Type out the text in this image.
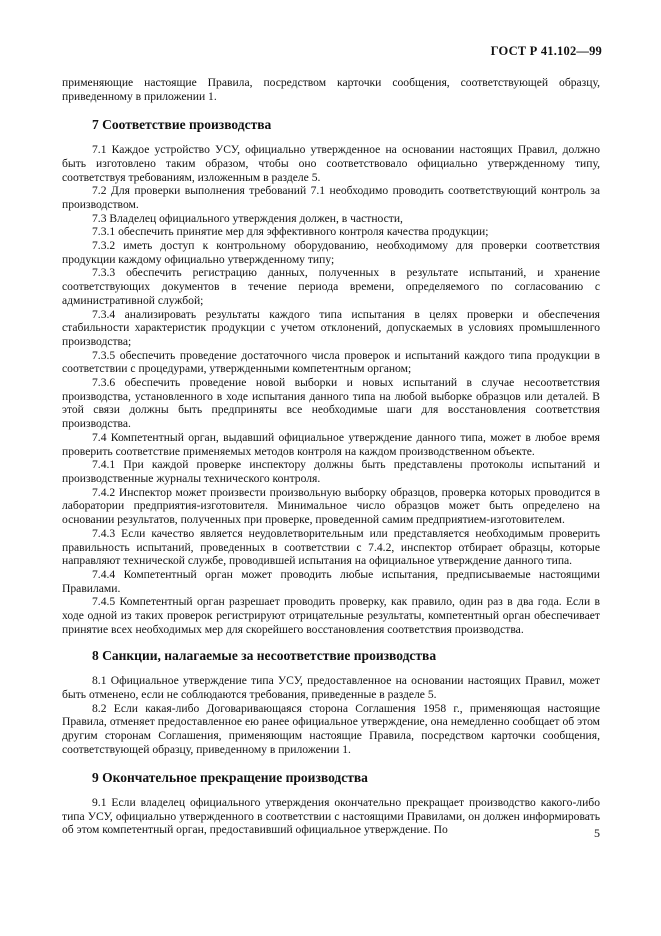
ГОСТ Р 41.102—99

применяющие настоящие Правила, посредством карточки сообщения, соответствующей образцу, приведенному в приложении 1.

7 Соответствие производства

7.1 Каждое устройство УСУ, официально утвержденное на основании настоящих Правил, должно быть изготовлено таким образом, чтобы оно соответствовало официально утвержденному типу, соответствуя требованиям, изложенным в разделе 5.

7.2 Для проверки выполнения требований 7.1 необходимо проводить соответствующий контроль за производством.

7.3 Владелец официального утверждения должен, в частности,

7.3.1 обеспечить принятие мер для эффективного контроля качества продукции;

7.3.2 иметь доступ к контрольному оборудованию, необходимому для проверки соответствия продукции каждому официально утвержденному типу;

7.3.3 обеспечить регистрацию данных, полученных в результате испытаний, и хранение соответствующих документов в течение периода времени, определяемого по согласованию с административной службой;

7.3.4 анализировать результаты каждого типа испытания в целях проверки и обеспечения стабильности характеристик продукции с учетом отклонений, допускаемых в условиях промышленного производства;

7.3.5 обеспечить проведение достаточного числа проверок и испытаний каждого типа продукции в соответствии с процедурами, утвержденными компетентным органом;

7.3.6 обеспечить проведение новой выборки и новых испытаний в случае несоответствия производства, установленного в ходе испытания данного типа на любой выборке образцов или деталей. В этой связи должны быть предприняты все необходимые шаги для восстановления соответствия производства.

7.4 Компетентный орган, выдавший официальное утверждение данного типа, может в любое время проверить соответствие применяемых методов контроля на каждом производственном объекте.

7.4.1 При каждой проверке инспектору должны быть представлены протоколы испытаний и производственные журналы технического контроля.

7.4.2 Инспектор может произвести произвольную выборку образцов, проверка которых проводится в лаборатории предприятия-изготовителя. Минимальное число образцов может быть определено на основании результатов, полученных при проверке, проведенной самим предприятием-изготовителем.

7.4.3 Если качество является неудовлетворительным или представляется необходимым проверить правильность испытаний, проведенных в соответствии с 7.4.2, инспектор отбирает образцы, которые направляют технической службе, проводившей испытания на официальное утверждение данного типа.

7.4.4 Компетентный орган может проводить любые испытания, предписываемые настоящими Правилами.

7.4.5 Компетентный орган разрешает проводить проверку, как правило, один раз в два года. Если в ходе одной из таких проверок регистрируют отрицательные результаты, компетентный орган обеспечивает принятие всех необходимых мер для скорейшего восстановления соответствия производства.

8 Санкции, налагаемые за несоответствие производства

8.1 Официальное утверждение типа УСУ, предоставленное на основании настоящих Правил, может быть отменено, если не соблюдаются требования, приведенные в разделе 5.

8.2 Если какая-либо Договаривающаяся сторона Соглашения 1958 г., применяющая настоящие Правила, отменяет предоставленное ею ранее официальное утверждение, она немедленно сообщает об этом другим сторонам Соглашения, применяющим настоящие Правила, посредством карточки сообщения, соответствующей образцу, приведенному в приложении 1.

9 Окончательное прекращение производства

9.1 Если владелец официального утверждения окончательно прекращает производство какого-либо типа УСУ, официально утвержденного в соответствии с настоящими Правилами, он должен информировать об этом компетентный орган, предоставивший официальное утверждение. По	5
